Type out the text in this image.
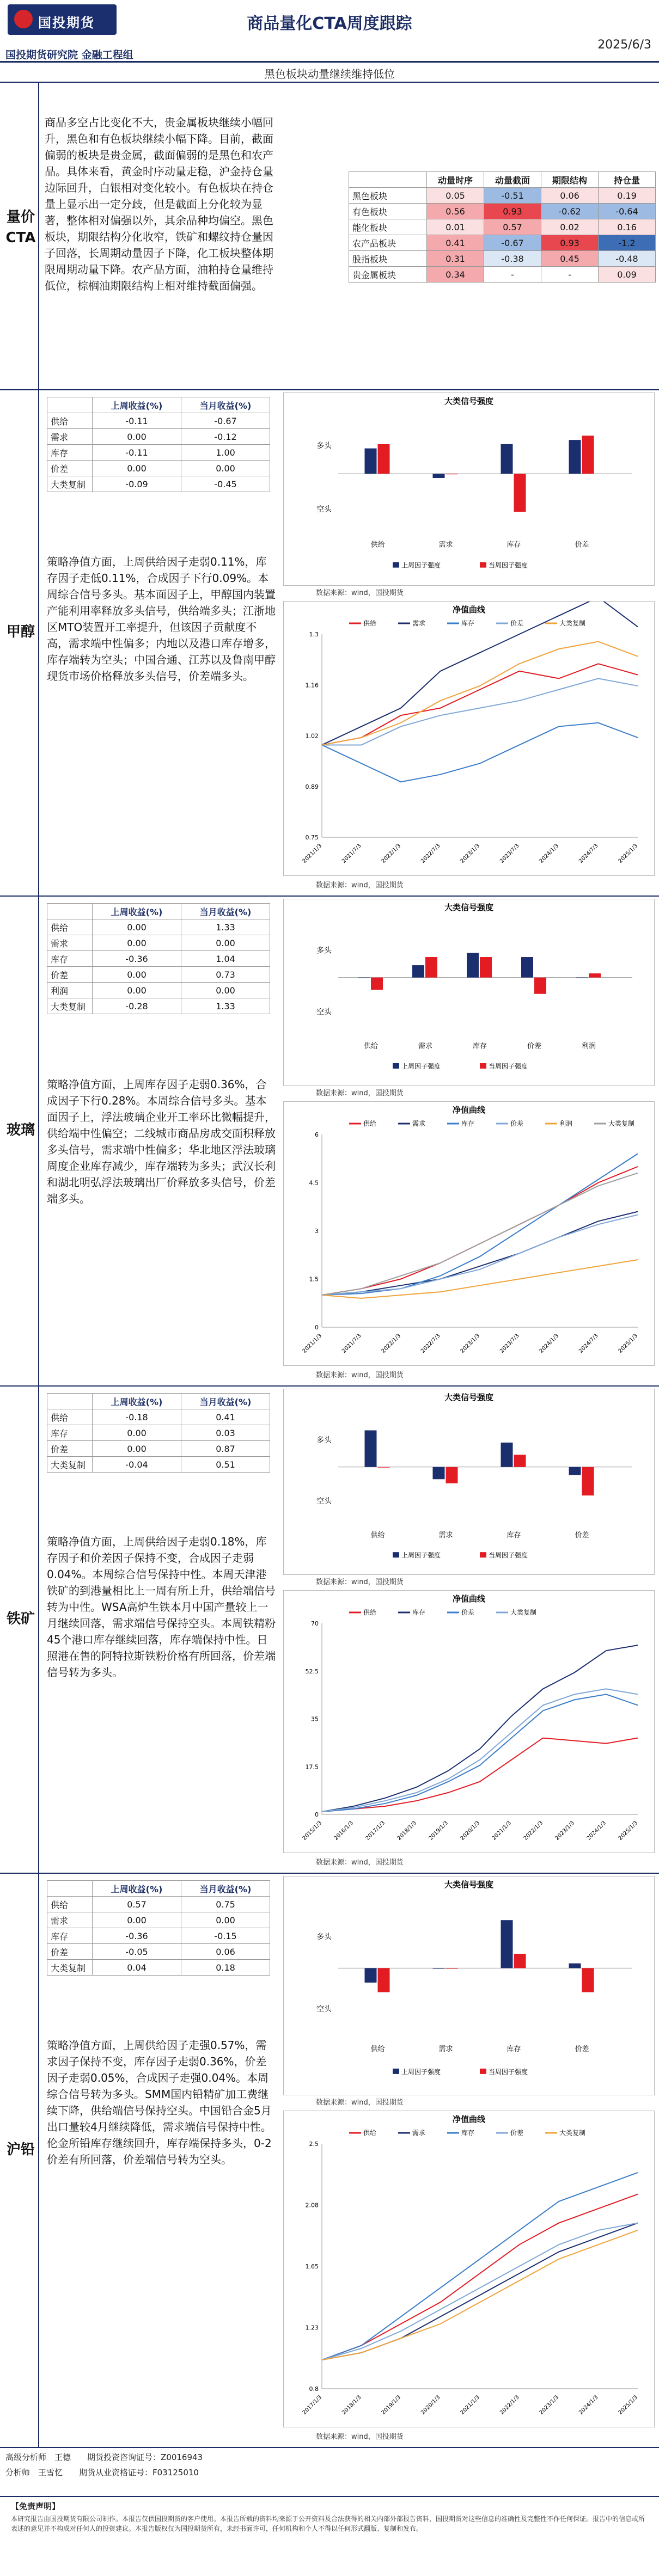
国投期货	商品量化CTA周度跟踪
2025/6/3
国投期货研究院 金融工程组
黑色板块动量继续维持低位
量价CTA
商品多空占比变化不大，贵金属板块继续小幅回升，黑色和有色板块继续小幅下降。目前，截面偏弱的板块是贵金属，截面偏弱的是黑色和农产品。具体来看，黄金时序动量走稳，沪金持仓量边际回升，白银相对变化较小。有色板块在持仓量上显示出一定分歧，但是截面上分化较为显著，整体相对偏强以外，其余品种均偏空。黑色板块，期限结构分化收窄，铁矿和螺纹持仓量因子回落，长周期动量因子下降，化工板块整体期限周期动量下降。农产品方面，油粕持仓量维持低位，棕榈油期限结构上相对维持截面偏强。
	动量时序	动量截面	期限结构	持仓量
黑色板块	0.05	-0.51	0.06	0.19
有色板块	0.56	0.93	-0.62	-0.64
能化板块	0.01	0.57	0.02	0.16
农产品板块	0.41	-0.67	0.93	-1.2
股指板块	0.31	-0.38	0.45	-0.48
贵金属板块	0.34	-	-	0.09
甲醇
	上周收益(%)	当月收益(%)
供给	-0.11	-0.67
需求	0.00	-0.12
库存	-0.11	1.00
价差	0.00	0.00
大类复制	-0.09	-0.45
策略净值方面，上周供给因子走弱0.11%，库存因子走低0.11%，合成因子下行0.09%。本周综合信号多头。基本面因子上，甲醇国内装置产能利用率释放多头信号，供给端多头；江浙地区MTO装置开工率提升，但该因子贡献度不高，需求端中性偏多；内地以及港口库存增多，库存端转为空头；中国合通、江苏以及鲁南甲醇现货市场价格释放多头信号，价差端多头。
大类信号强度
多头
空头
供给	需求	库存	价差
上周因子强度	当周因子强度
数据来源：wind，国投期货
净值曲线
供给	需求	库存	价差	大类复制
0.75
0.89
1.02
1.16
1.3
2021/1/3	2021/7/3	2022/1/3	2022/7/3	2023/1/3	2023/7/3	2024/1/3	2024/7/3	2025/1/3
数据来源：wind，国投期货
玻璃
	上周收益(%)	当月收益(%)
供给	0.00	1.33
需求	0.00	0.00
库存	-0.36	1.04
价差	0.00	0.73
利润	0.00	0.00
大类复制	-0.28	1.33
策略净值方面，上周库存因子走弱0.36%，合成因子下行0.28%。本周综合信号多头。基本面因子上，浮法玻璃企业开工率环比微幅提升，供给端中性偏空；二线城市商品房成交面积释放多头信号，需求端中性偏多；华北地区浮法玻璃周度企业库存减少，库存端转为多头；武汉长利和湖北明弘浮法玻璃出厂价释放多头信号，价差端多头。
大类信号强度
多头
空头
供给	需求	库存	价差	利润
上周因子强度	当周因子强度
数据来源：wind，国投期货
净值曲线
供给	需求	库存	价差	利润	大类复制
0
1.5
3
4.5
6
2021/1/3	2021/7/3	2022/1/3	2022/7/3	2023/1/3	2023/7/3	2024/1/3	2024/7/3	2025/1/3
数据来源：wind，国投期货
铁矿
	上周收益(%)	当月收益(%)
供给	-0.18	0.41
库存	0.00	0.03
价差	0.00	0.87
大类复制	-0.04	0.51
策略净值方面，上周供给因子走弱0.18%，库存因子和价差因子保持不变，合成因子走弱0.04%。本周综合信号保持中性。本周天津港铁矿的到港量相比上一周有所上升，供给端信号转为中性。WSA高炉生铁本月中国产量较上一月继续回落，需求端信号保持空头。本周铁精粉45个港口库存继续回落，库存端保持中性。日照港在售的阿特拉斯铁粉价格有所回落，价差端信号转为多头。
大类信号强度
多头
空头
供给	需求	库存	价差
上周因子强度	当周因子强度
数据来源：wind，国投期货
净值曲线
供给	库存	价差	大类复制
0
17.5
35
52.5
70
2015/1/3 2016/1/3 2017/1/3 2018/1/3 2019/1/3 2020/1/3 2021/1/3 2022/1/3 2023/1/3 2024/1/3 2025/1/3
数据来源：wind，国投期货
沪铅
	上周收益(%)	当月收益(%)
供给	0.57	0.75
需求	0.00	0.00
库存	-0.36	-0.15
价差	-0.05	0.06
大类复制	0.04	0.18
策略净值方面，上周供给因子走强0.57%，需求因子保持不变，库存因子走弱0.36%，价差因子走弱0.05%，合成因子走强0.04%。本周综合信号转为多头。SMM国内铅精矿加工费继续下降，供给端信号保持空头。中国铅合金5月出口量较4月继续降低，需求端信号保持中性。伦金所铅库存继续回升，库存端保持多头，0-2价差有所回落，价差端信号转为空头。
大类信号强度
多头
空头
供给	需求	库存	价差
上周因子强度	当周因子强度
数据来源：wind，国投期货
净值曲线
供给	需求	库存	价差	大类复制
0.8
1.23
1.65
2.08
2.5
2017/1/3	2018/1/3	2019/1/3	2020/1/3	2021/1/3	2022/1/3	2023/1/3	2024/1/3	2025/1/3
数据来源：wind，国投期货
高级分析师　王德　　期货投资咨询证号：Z0016943
分析师　王雪忆　　期货从业资格证号：F03125010
【免责声明】
本研究报告由国投期货有限公司制作。本报告仅供国投期货的客户使用。本报告所载的资料均来源于公开资料及合法获得的相关内部外部报告资料，国投期货对这些信息的准确性及完整性不作任何保证。报告中的信息或所表述的意见并不构成对任何人的投资建议。本报告版权仅为国投期货所有，未经书面许可，任何机构和个人不得以任何形式翻版、复制和发布。
